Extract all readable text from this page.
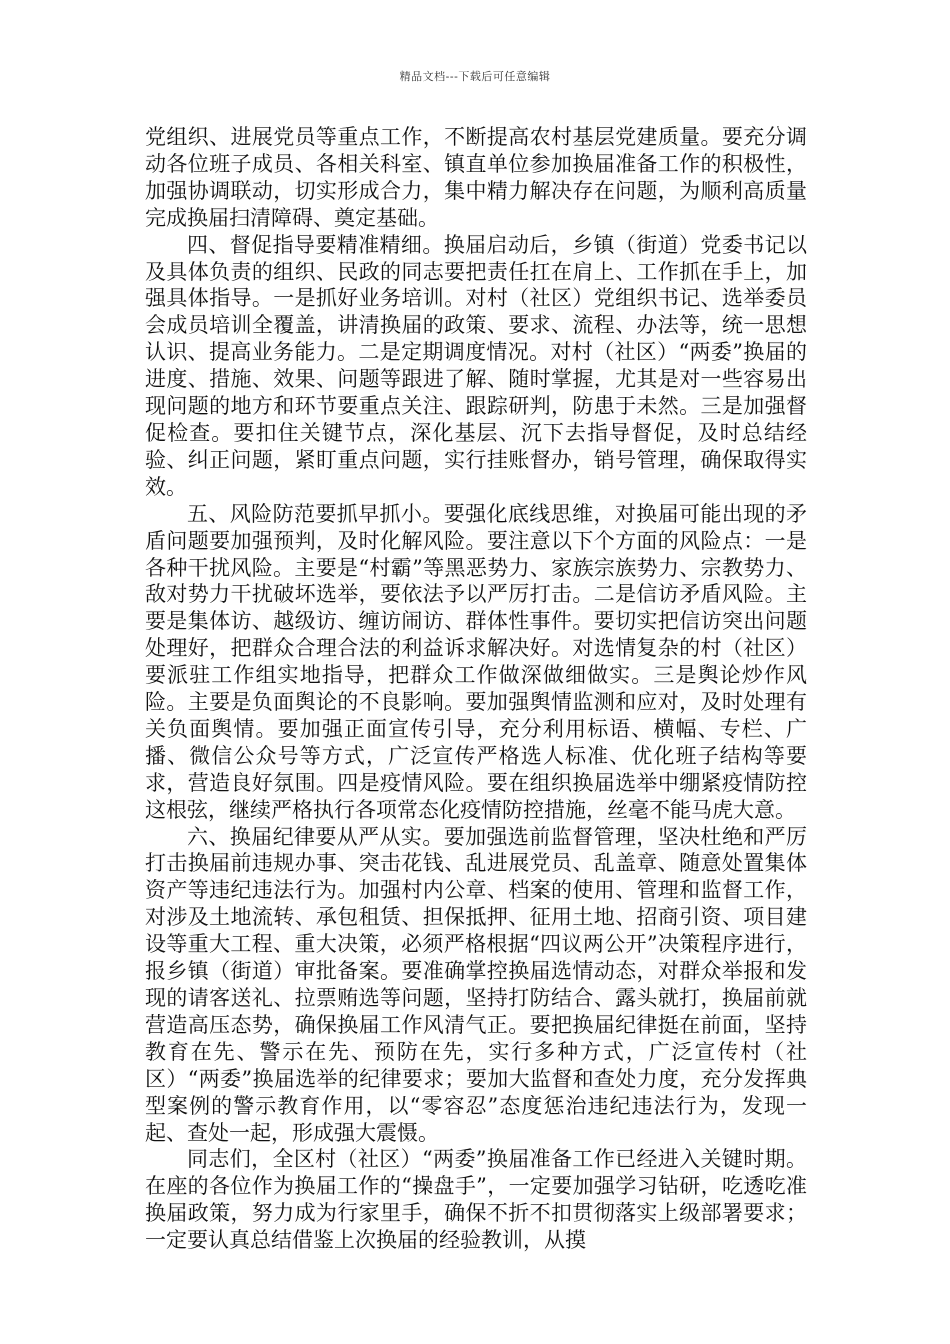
精品文档---下载后可任意编辑

党组织、进展党员等重点工作，不断提高农村基层党建质量。要充分调动各位班子成员、各相关科室、镇直单位参加换届准备工作的积极性，加强协调联动，切实形成合力，集中精力解决存在问题，为顺利高质量完成换届扫清障碍、奠定基础。

四、督促指导要精准精细。换届启动后，乡镇（街道）党委书记以及具体负责的组织、民政的同志要把责任扛在肩上、工作抓在手上，加强具体指导。一是抓好业务培训。对村（社区）党组织书记、选举委员会成员培训全覆盖，讲清换届的政策、要求、流程、办法等，统一思想认识、提高业务能力。二是定期调度情况。对村（社区）“两委”换届的进度、措施、效果、问题等跟进了解、随时掌握，尤其是对一些容易出现问题的地方和环节要重点关注、跟踪研判，防患于未然。三是加强督促检查。要扣住关键节点，深化基层、沉下去指导督促，及时总结经验、纠正问题，紧盯重点问题，实行挂账督办，销号管理，确保取得实效。

五、风险防范要抓早抓小。要强化底线思维，对换届可能出现的矛盾问题要加强预判，及时化解风险。要注意以下个方面的风险点：一是各种干扰风险。主要是“村霸”等黑恶势力、家族宗族势力、宗教势力、敌对势力干扰破坏选举，要依法予以严厉打击。二是信访矛盾风险。主要是集体访、越级访、缠访闹访、群体性事件。要切实把信访突出问题处理好，把群众合理合法的利益诉求解决好。对选情复杂的村（社区）要派驻工作组实地指导，把群众工作做深做细做实。三是舆论炒作风险。主要是负面舆论的不良影响。要加强舆情监测和应对，及时处理有关负面舆情。要加强正面宣传引导，充分利用标语、横幅、专栏、广播、微信公众号等方式，广泛宣传严格选人标准、优化班子结构等要求，营造良好氛围。四是疫情风险。要在组织换届选举中绷紧疫情防控这根弦，继续严格执行各项常态化疫情防控措施，丝毫不能马虎大意。

六、换届纪律要从严从实。要加强选前监督管理，坚决杜绝和严厉打击换届前违规办事、突击花钱、乱进展党员、乱盖章、随意处置集体资产等违纪违法行为。加强村内公章、档案的使用、管理和监督工作，对涉及土地流转、承包租赁、担保抵押、征用土地、招商引资、项目建设等重大工程、重大决策，必须严格根据“四议两公开”决策程序进行，报乡镇（街道）审批备案。要准确掌控换届选情动态，对群众举报和发现的请客送礼、拉票贿选等问题，坚持打防结合、露头就打，换届前就营造高压态势，确保换届工作风清气正。要把换届纪律挺在前面，坚持教育在先、警示在先、预防在先，实行多种方式，广泛宣传村（社区）“两委”换届选举的纪律要求；要加大监督和查处力度，充分发挥典型案例的警示教育作用，以“零容忍”态度惩治违纪违法行为，发现一起、查处一起，形成强大震慑。

同志们，全区村（社区）“两委”换届准备工作已经进入关键时期。在座的各位作为换届工作的“操盘手”，一定要加强学习钻研，吃透吃准换届政策，努力成为行家里手，确保不折不扣贯彻落实上级部署要求；一定要认真总结借鉴上次换届的经验教训，从摸
